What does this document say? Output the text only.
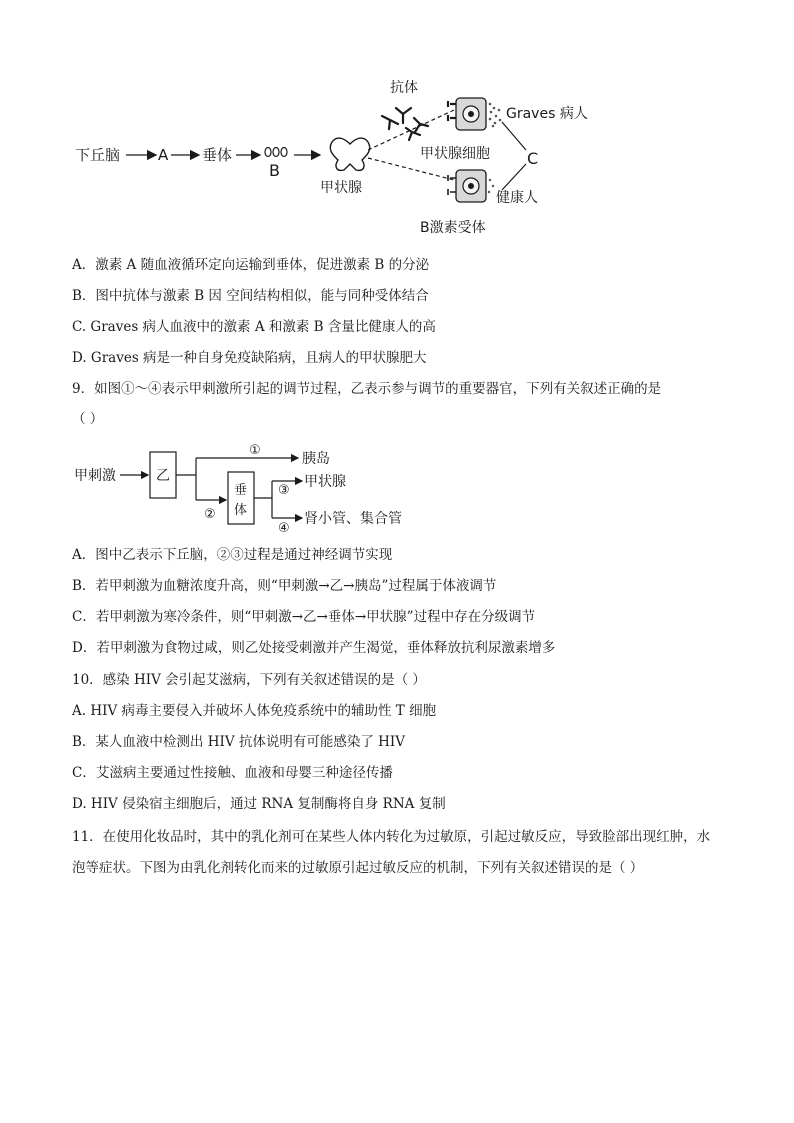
下丘脑	A 垂体
B
甲状腺
抗体
Graves 病人
甲状腺细胞 C
健康人
B激素受体
A．激素 A 随血液循环定向运输到垂体，促进激素 B 的分泌
B．图中抗体与激素 B 因 空间结构相似，能与同种受体结合
C. Graves 病人血液中的激素 A 和激素 B 含量比健康人的高
D. Graves 病是一种自身免疫缺陷病，且病人的甲状腺肥大
9．如图①～④表示甲刺激所引起的调节过程，乙表示参与调节的重要器官，下列有关叙述正确的是
（ ）
甲刺激	乙
①
胰岛
②
垂
体
③
甲状腺
④
肾小管、集合管
A．图中乙表示下丘脑，②③过程是通过神经调节实现
B．若甲刺激为血糖浓度升高，则“甲刺激→乙→胰岛”过程属于体液调节
C．若甲刺激为寒冷条件，则“甲刺激→乙→垂体→甲状腺”过程中存在分级调节
D．若甲刺激为食物过咸，则乙处接受刺激并产生渴觉，垂体释放抗利尿激素增多
10．感染 HIV 会引起艾滋病，下列有关叙述错误的是（ ）
A. HIV 病毒主要侵入并破坏人体免疫系统中的辅助性 T 细胞
B．某人血液中检测出 HIV 抗体说明有可能感染了 HIV
C．艾滋病主要通过性接触、血液和母婴三种途径传播
D. HIV 侵染宿主细胞后，通过 RNA 复制酶将自身 RNA 复制
11．在使用化妆品时，其中的乳化剂可在某些人体内转化为过敏原，引起过敏反应，导致脸部出现红肿，水
泡等症状。下图为由乳化剂转化而来的过敏原引起过敏反应的机制，下列有关叙述错误的是（ ）
